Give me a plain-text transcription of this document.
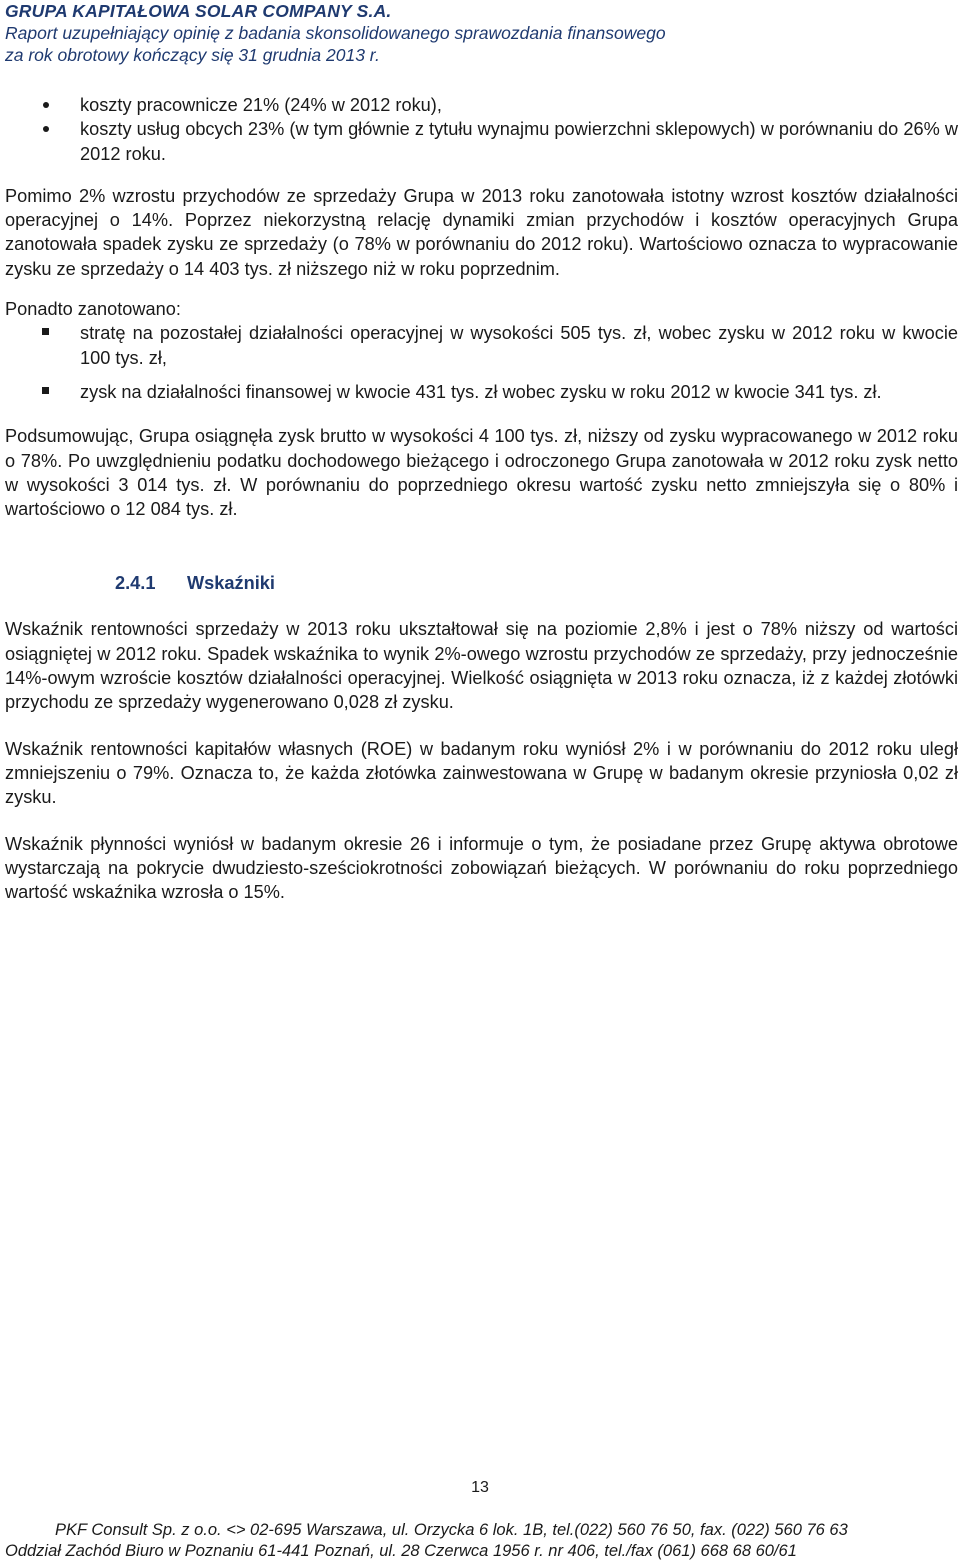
GRUPA KAPITAŁOWA SOLAR COMPANY S.A.
Raport uzupełniający opinię z badania skonsolidowanego sprawozdania finansowego
za rok obrotowy kończący się 31 grudnia 2013 r.
koszty pracownicze 21% (24% w 2012 roku),
koszty usług obcych 23% (w tym głównie z tytułu wynajmu powierzchni sklepowych) w porównaniu do 26% w 2012 roku.

Pomimo 2% wzrostu przychodów ze sprzedaży Grupa w 2013 roku zanotowała istotny wzrost kosztów działalności operacyjnej o 14%. Poprzez niekorzystną relację dynamiki zmian przychodów i kosztów operacyjnych Grupa zanotowała spadek zysku ze sprzedaży (o 78% w porównaniu do 2012 roku). Wartościowo oznacza to wypracowanie zysku ze sprzedaży o 14 403 tys. zł niższego niż w roku poprzednim.

Ponadto zanotowano:

stratę na pozostałej działalności operacyjnej w wysokości 505 tys. zł, wobec zysku w 2012 roku w kwocie 100 tys. zł,
zysk na działalności finansowej w kwocie 431 tys. zł wobec zysku w roku 2012 w kwocie 341 tys. zł.

Podsumowując, Grupa osiągnęła zysk brutto w wysokości 4 100 tys. zł, niższy od zysku wypracowanego w 2012 roku o 78%. Po uwzględnieniu podatku dochodowego bieżącego i odroczonego Grupa zanotowała w 2012 roku zysk netto w wysokości 3 014 tys. zł. W porównaniu do poprzedniego okresu wartość zysku netto zmniejszyła się o 80% i wartościowo o 12 084 tys. zł.

2.4.1 Wskaźniki

Wskaźnik rentowności sprzedaży w 2013 roku ukształtował się na poziomie 2,8% i jest o 78% niższy od wartości osiągniętej w 2012 roku. Spadek wskaźnika to wynik 2%-owego wzrostu przychodów ze sprzedaży, przy jednocześnie 14%-owym wzroście kosztów działalności operacyjnej. Wielkość osiągnięta w 2013 roku oznacza, iż z każdej złotówki przychodu ze sprzedaży wygenerowano 0,028 zł zysku.

Wskaźnik rentowności kapitałów własnych (ROE) w badanym roku wyniósł 2% i w porównaniu do 2012 roku uległ zmniejszeniu o 79%. Oznacza to, że każda złotówka zainwestowana w Grupę w badanym okresie przyniosła 0,02 zł zysku.

Wskaźnik płynności wyniósł w badanym okresie 26 i informuje o tym, że posiadane przez Grupę aktywa obrotowe wystarczają na pokrycie dwudziesto-sześciokrotności zobowiązań bieżących. W porównaniu do roku poprzedniego wartość wskaźnika wzrosła o 15%.

13
PKF Consult Sp. z o.o. <> 02-695 Warszawa, ul. Orzycka 6 lok. 1B, tel.(022) 560 76 50, fax. (022) 560 76 63
Oddział Zachód Biuro w Poznaniu 61-441 Poznań, ul. 28 Czerwca 1956 r. nr 406, tel./fax (061) 668 68 60/61
